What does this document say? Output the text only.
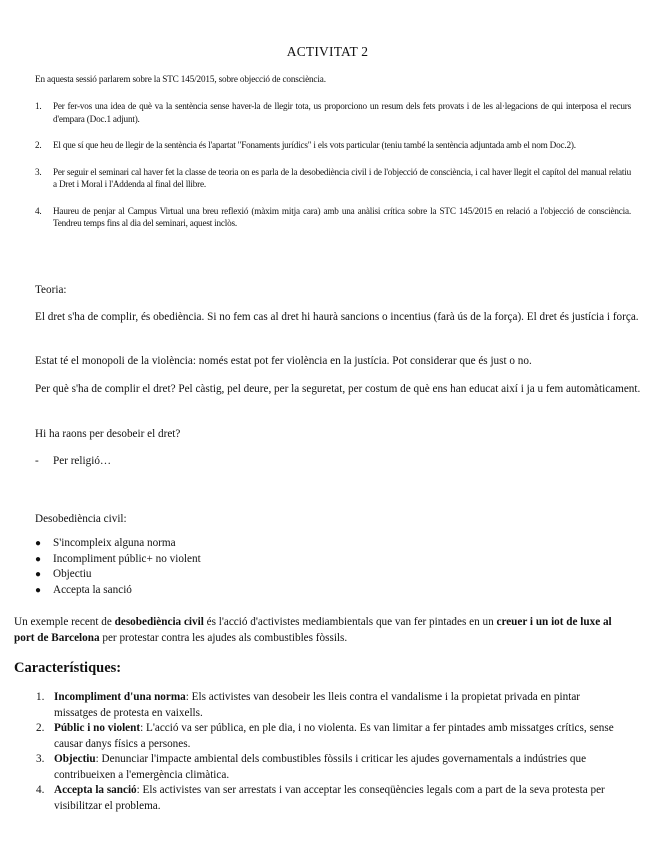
ACTIVITAT 2
En aquesta sessió parlarem sobre la STC 145/2015, sobre objecció de consciència.
1. Per fer-vos una idea de què va la sentència sense haver-la de llegir tota, us proporciono un resum dels fets provats i de les al·legacions de qui interposa el recurs d'empara (Doc.1 adjunt).
2. El que sí que heu de llegir de la sentència és l'apartat "Fonaments jurídics" i els vots particular (teniu també la sentència adjuntada amb el nom Doc.2).
3. Per seguir el seminari cal haver fet la classe de teoria on es parla de la desobediència civil i de l'objecció de consciència, i cal haver llegit el capítol del manual relatiu a Dret i Moral i l'Addenda al final del llibre.
4. Haureu de penjar al Campus Virtual una breu reflexió (màxim mitja cara) amb una anàlisi crítica sobre la STC 145/2015 en relació a l'objecció de consciència. Tendreu temps fins al dia del seminari, aquest inclòs.
Teoria:
El dret s'ha de complir, és obediència. Si no fem cas al dret hi haurà sancions o incentius (farà ús de la força). El dret és justícia i força.
Estat té el monopoli de la violència: només estat pot fer violència en la justícia. Pot considerar que és just o no.
Per què s'ha de complir el dret? Pel càstig, pel deure, per la seguretat, per costum de què ens han educat així i ja u fem automàticament.
Hi ha raons per desobeir el dret?
- Per religió…
Desobediència civil:
● S'incompleix alguna norma
● Incompliment públic+ no violent
● Objectiu
● Accepta la sanció
Un exemple recent de desobediència civil és l'acció d'activistes mediambientals que van fer pintades en un creuer i un iot de luxe al port de Barcelona per protestar contra les ajudes als combustibles fòssils.
Característiques:
1. Incompliment d'una norma: Els activistes van desobeir les lleis contra el vandalisme i la propietat privada en pintar missatges de protesta en vaixells.
2. Públic i no violent: L'acció va ser pública, en ple dia, i no violenta. Es van limitar a fer pintades amb missatges crítics, sense causar danys físics a persones.
3. Objectiu: Denunciar l'impacte ambiental dels combustibles fòssils i criticar les ajudes governamentals a indústries que contribueixen a l'emergència climàtica.
4. Accepta la sanció: Els activistes van ser arrestats i van acceptar les conseqüències legals com a part de la seva protesta per visibilitzar el problema.
